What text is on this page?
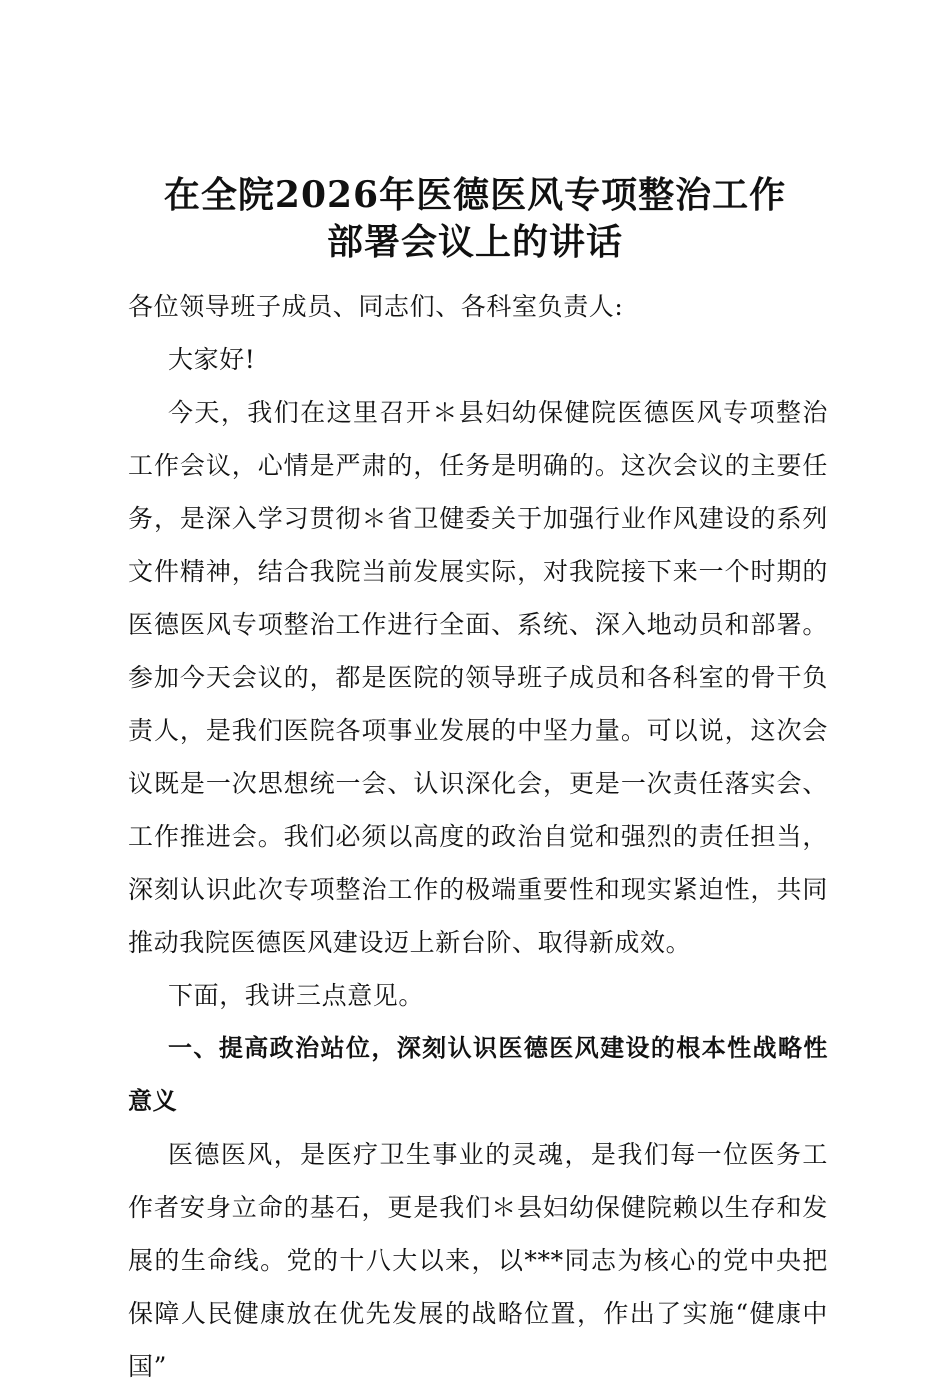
在全院2026年医德医风专项整治工作
部署会议上的讲话

各位领导班子成员、同志们、各科室负责人:

大家好!

今天，我们在这里召开＊县妇幼保健院医德医风专项整治工作会议，心情是严肃的，任务是明确的。这次会议的主要任务，是深入学习贯彻＊省卫健委关于加强行业作风建设的系列文件精神，结合我院当前发展实际，对我院接下来一个时期的医德医风专项整治工作进行全面、系统、深入地动员和部署。参加今天会议的，都是医院的领导班子成员和各科室的骨干负责人，是我们医院各项事业发展的中坚力量。可以说，这次会议既是一次思想统一会、认识深化会，更是一次责任落实会、工作推进会。我们必须以高度的政治自觉和强烈的责任担当，深刻认识此次专项整治工作的极端重要性和现实紧迫性，共同推动我院医德医风建设迈上新台阶、取得新成效。

下面，我讲三点意见。

一、提高政治站位，深刻认识医德医风建设的根本性战略性意义

医德医风，是医疗卫生事业的灵魂，是我们每一位医务工作者安身立命的基石，更是我们＊县妇幼保健院赖以生存和发展的生命线。党的十八大以来，以***同志为核心的党中央把保障人民健康放在优先发展的战略位置，作出了实施“健康中国”
